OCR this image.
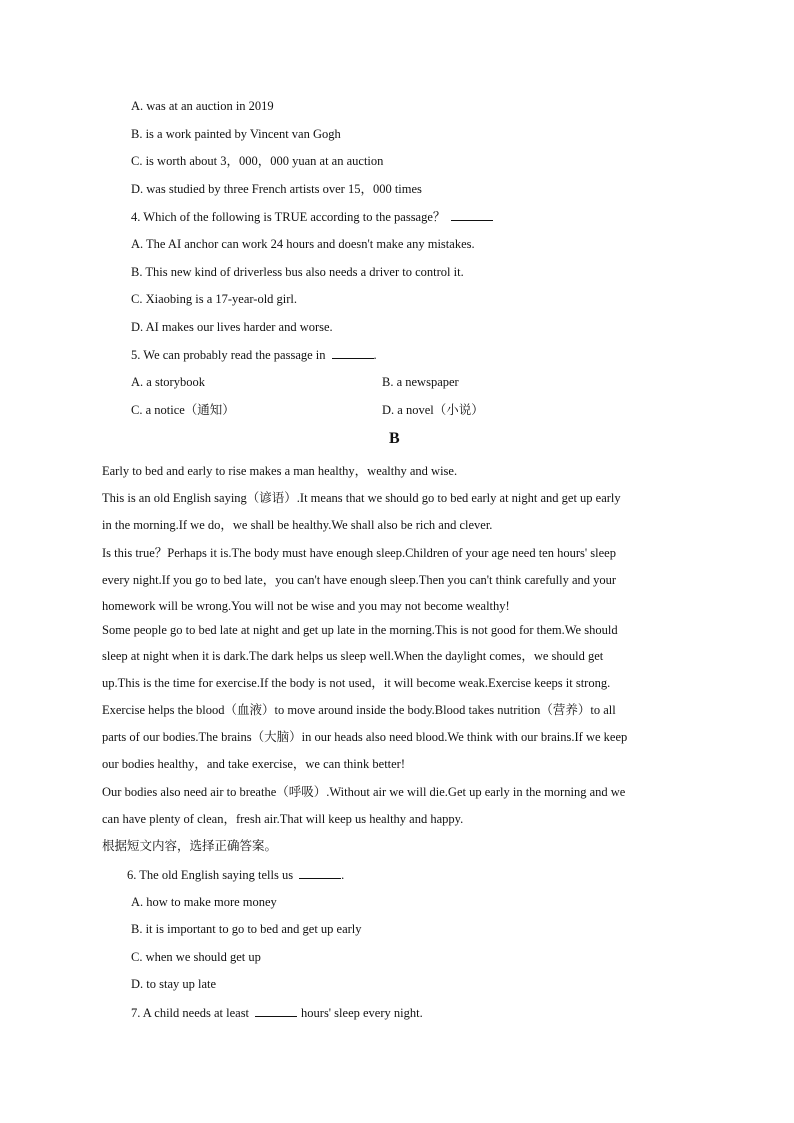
A. was at an auction in 2019
B. is a work painted by Vincent van Gogh
C. is worth about 3，000，000 yuan at an auction
D. was studied by three French artists over 15，000 times
4. Which of the following is TRUE according to the passage？
A. The AI anchor can work 24 hours and doesn't make any mistakes.
B. This new kind of driverless bus also needs a driver to control it.
C. Xiaobing is a 17-year-old girl.
D. AI makes our lives harder and worse.
5. We can probably read the passage in	.
A. a storybook	B. a newspaper
C. a notice（通知）	D. a novel（小说）
B
Early to bed and early to rise makes a man healthy，wealthy and wise.
This is an old English saying（谚语）.It means that we should go to bed early at night and get up early
in the morning.If we do，we shall be healthy.We shall also be rich and clever.
Is this true？Perhaps it is.The body must have enough sleep.Children of your age need ten hours' sleep
every night.If you go to bed late，you can't have enough sleep.Then you can't think carefully and your
homework will be wrong.You will not be wise and you may not become wealthy!
Some people go to bed late at night and get up late in the morning.This is not good for them.We should
sleep at night when it is dark.The dark helps us sleep well.When the daylight comes，we should get
up.This is the time for exercise.If the body is not used，it will become weak.Exercise keeps it strong.
Exercise helps the blood（血液）to move around inside the body.Blood takes nutrition（营养）to all
parts of our bodies.The brains（大脑）in our heads also need blood.We think with our brains.If we keep
our bodies healthy，and take exercise，we can think better!
Our bodies also need air to breathe（呼吸）.Without air we will die.Get up early in the morning and we
can have plenty of clean，fresh air.That will keep us healthy and happy.
根据短文内容，选择正确答案。
6. The old English saying tells us	.
A. how to make more money
B. it is important to go to bed and get up early
C. when we should get up
D. to stay up late
7. A child needs at least	hours' sleep every night.
